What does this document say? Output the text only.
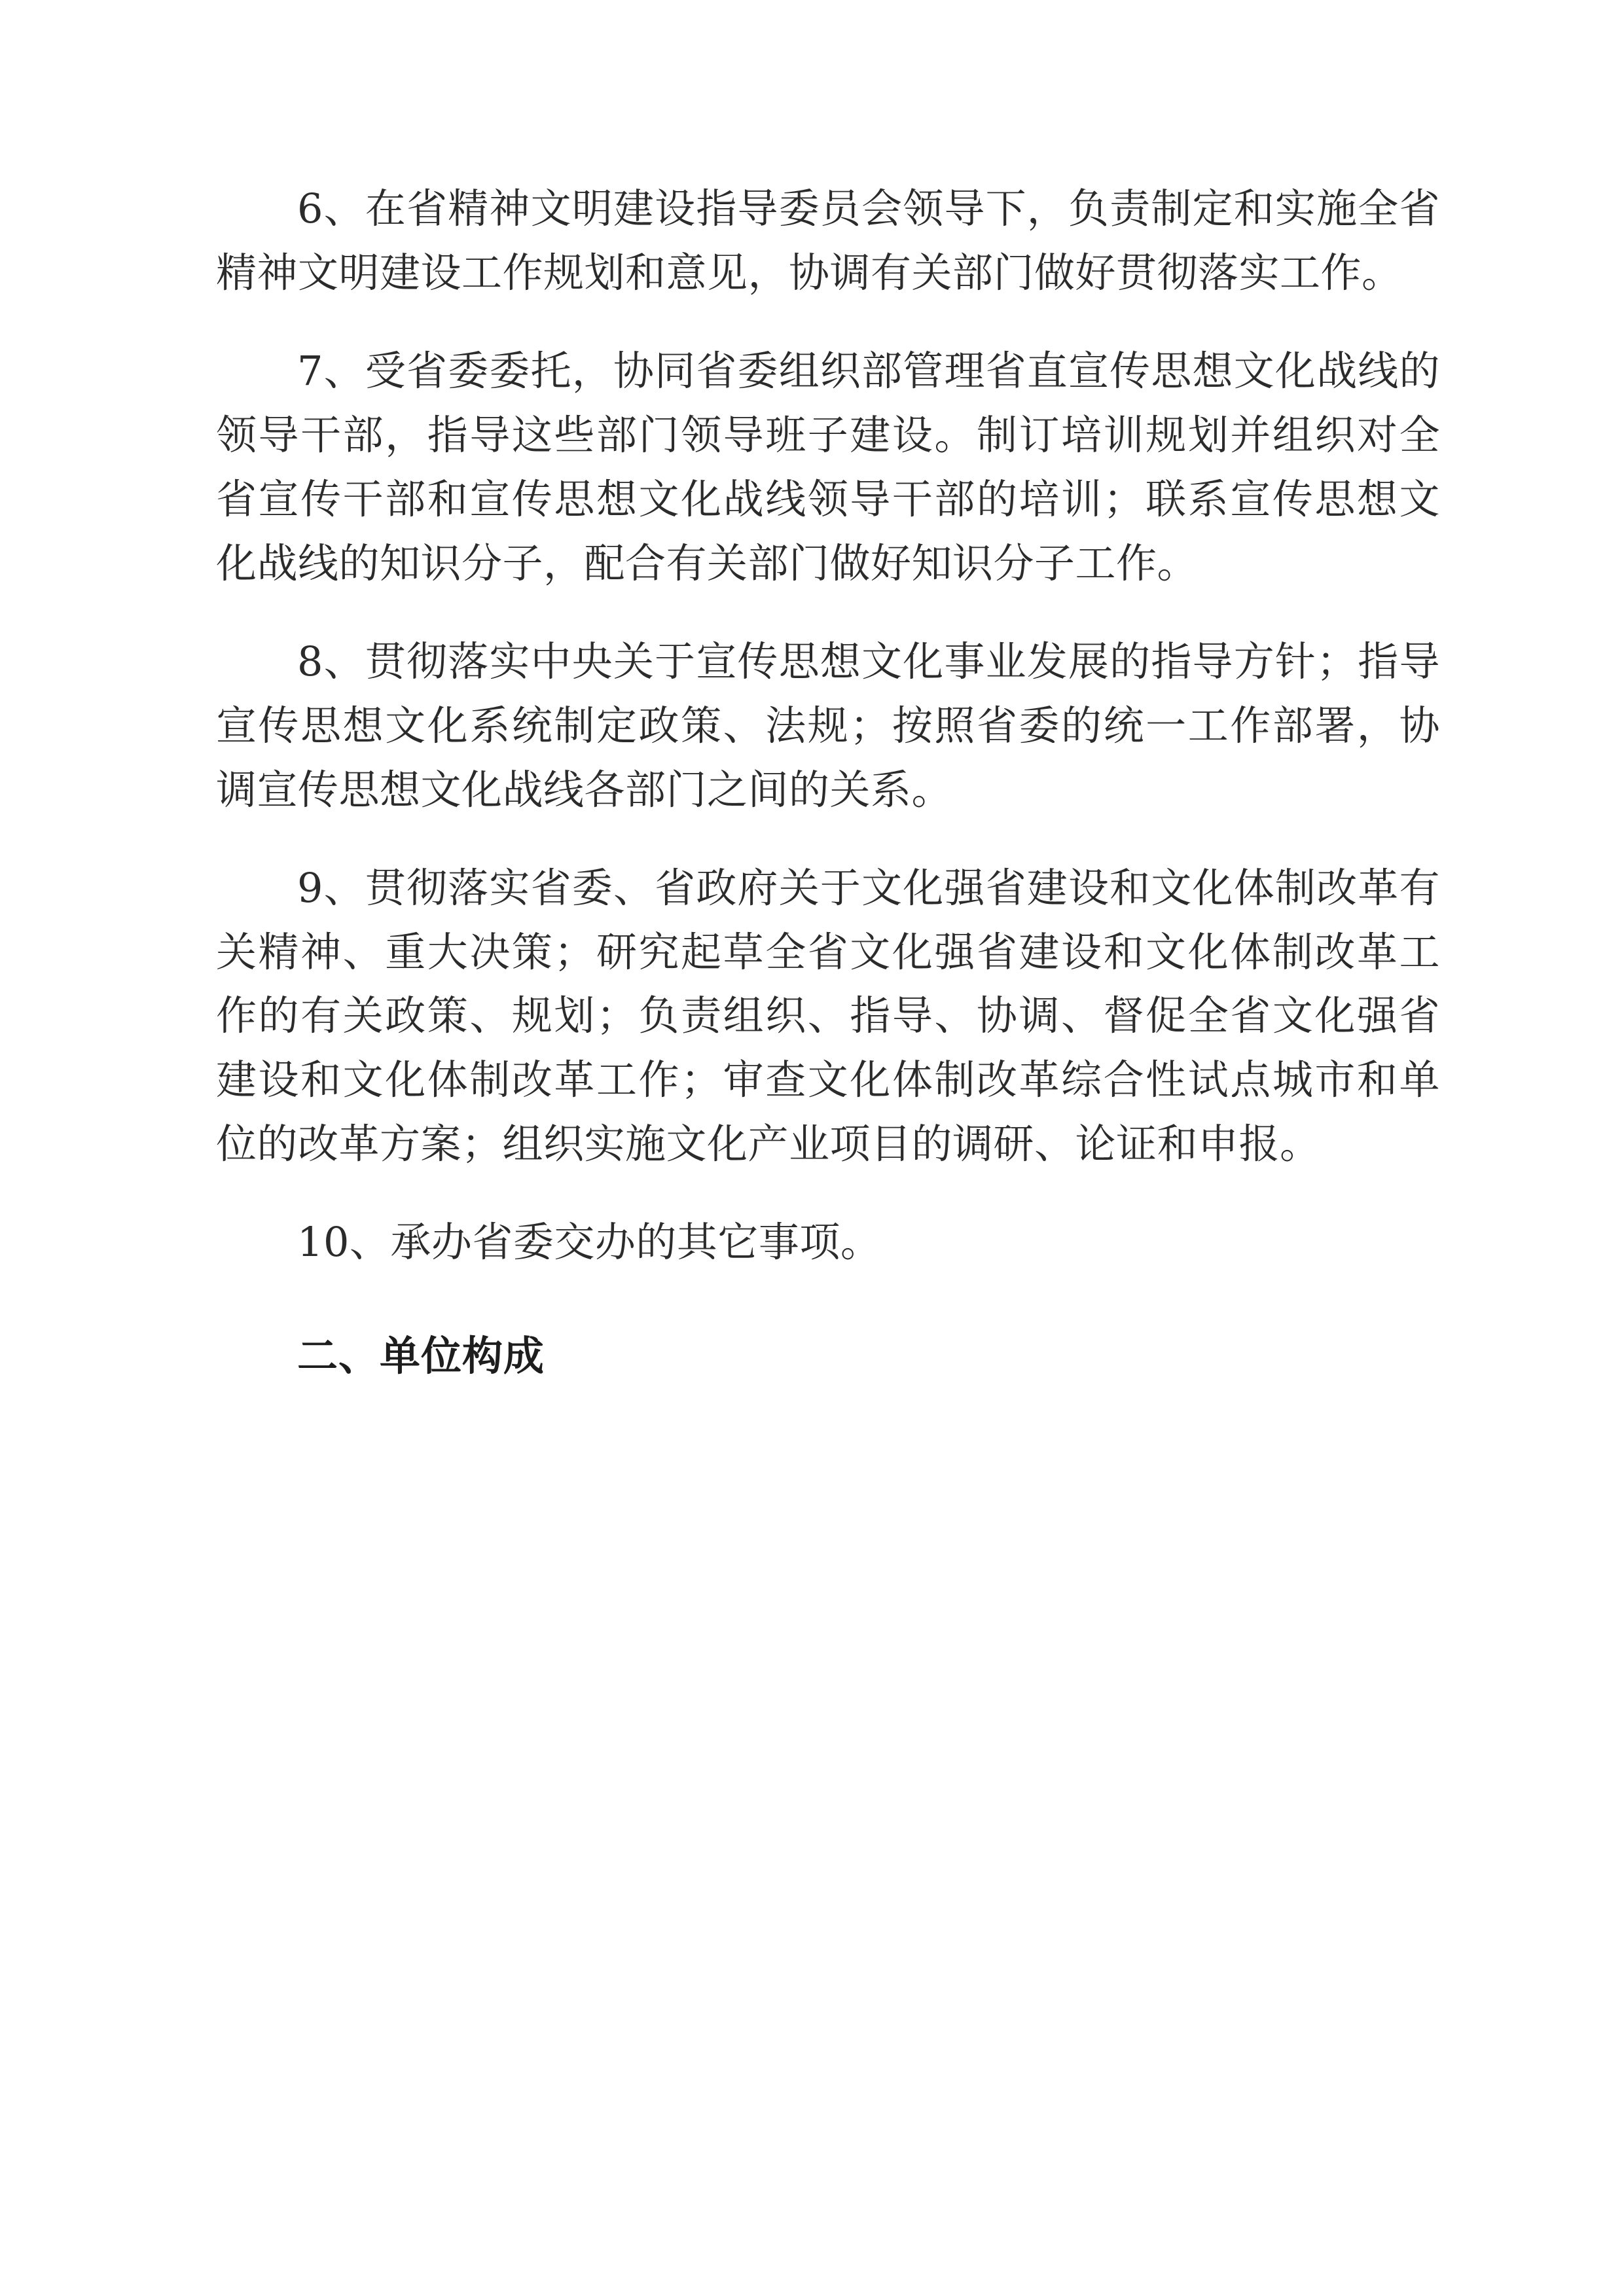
6、在省精神文明建设指导委员会领导下，负责制定和实施全省精神文明建设工作规划和意见，协调有关部门做好贯彻落实工作。

7、受省委委托，协同省委组织部管理省直宣传思想文化战线的领导干部，指导这些部门领导班子建设。制订培训规划并组织对全省宣传干部和宣传思想文化战线领导干部的培训；联系宣传思想文化战线的知识分子，配合有关部门做好知识分子工作。

8、贯彻落实中央关于宣传思想文化事业发展的指导方针；指导宣传思想文化系统制定政策、法规；按照省委的统一工作部署，协调宣传思想文化战线各部门之间的关系。

9、贯彻落实省委、省政府关于文化强省建设和文化体制改革有关精神、重大决策；研究起草全省文化强省建设和文化体制改革工作的有关政策、规划；负责组织、指导、协调、督促全省文化强省建设和文化体制改革工作；审查文化体制改革综合性试点城市和单位的改革方案；组织实施文化产业项目的调研、论证和申报。

10、承办省委交办的其它事项。

二、单位构成
